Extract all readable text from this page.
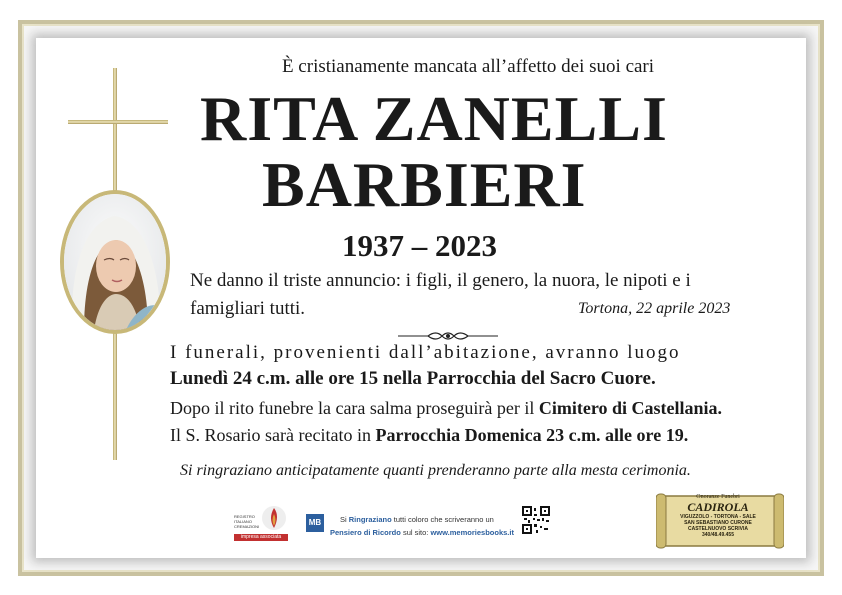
È cristianamente mancata all’affetto dei suoi cari
RITA ZANELLI
BARBIERI
1937 – 2023
Ne danno il triste annuncio: i figli, il genero, la nuora, le nipoti e i
famigliari tutti.	Tortona, 22 aprile 2023
I funerali, provenienti dall’abitazione, avranno luogo
Lunedì 24 c.m. alle ore 15 nella Parrocchia del Sacro Cuore.
Dopo il rito funebre la cara salma proseguirà per il Cimitero di Castellania.
Il S. Rosario sarà recitato in Parrocchia Domenica 23 c.m. alle ore 19.
Si ringraziano anticipatamente quanti prenderanno parte alla mesta cerimonia.
REGISTRO ITALIANO CREMAZIONI
impresa associata
MB	Si Ringraziano tutti coloro che scriveranno un
Pensiero di Ricordo sul sito: www.memoriesbooks.it
Onoranze Funebri
CADIROLA
VIGUZZOLO - TORTONA - SALE
SAN SEBASTIANO CURONE
CASTELNUOVO SCRIVIA
340/48.49.455
